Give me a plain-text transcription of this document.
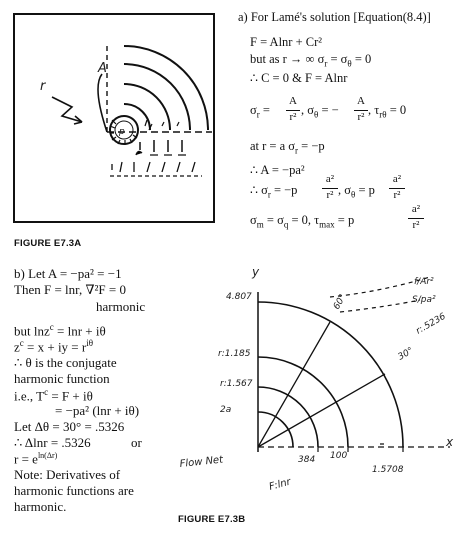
r
A
p
FIGURE E7.3A
a) For Lamé's solution [Equation(8.4)]
F = Alnr + Cr²
but as r → ∞ $\sigma_r = \sigma_\theta = 0$
∴ C = 0 & F = Alnr
$\sigma_r$ =
A
r² , $\sigma_\theta$ = −
A
r² , $\tau_{r\theta} = 0$
at r = a $\sigma_r = -p$
∴ A = −pa²
∴ $\sigma_r = -p$
a²
r² , $\sigma_\theta = p$
a²
r²
$\sigma_m = \sigma_q = 0$, $\tau_{max} = p$
a²
r²
b) Let A = −pa² = −1
Then F = lnr, ∇²F = 0
harmonic
but lnz$^c$ = lnr + iθ
$z^c = x$ + iy = $r^{i\theta}$
∴ θ is the conjugate
harmonic function
i.e., $T^c = F + i\theta$
= −pa² (lnr + iθ)
Let Δθ = 30° = .5326
∴ Δlnr = .5326	or
$r = e^{ln(\Delta r)}$
Note: Derivatives of
harmonic functions are
harmonic.
y
x
f/Ar²
S/pa²
r:.5236
4.807
r:1.185
r:1.567
2a
Flow Net
F:lnr
1.5708
30°
60°
384 100
FIGURE E7.3B
